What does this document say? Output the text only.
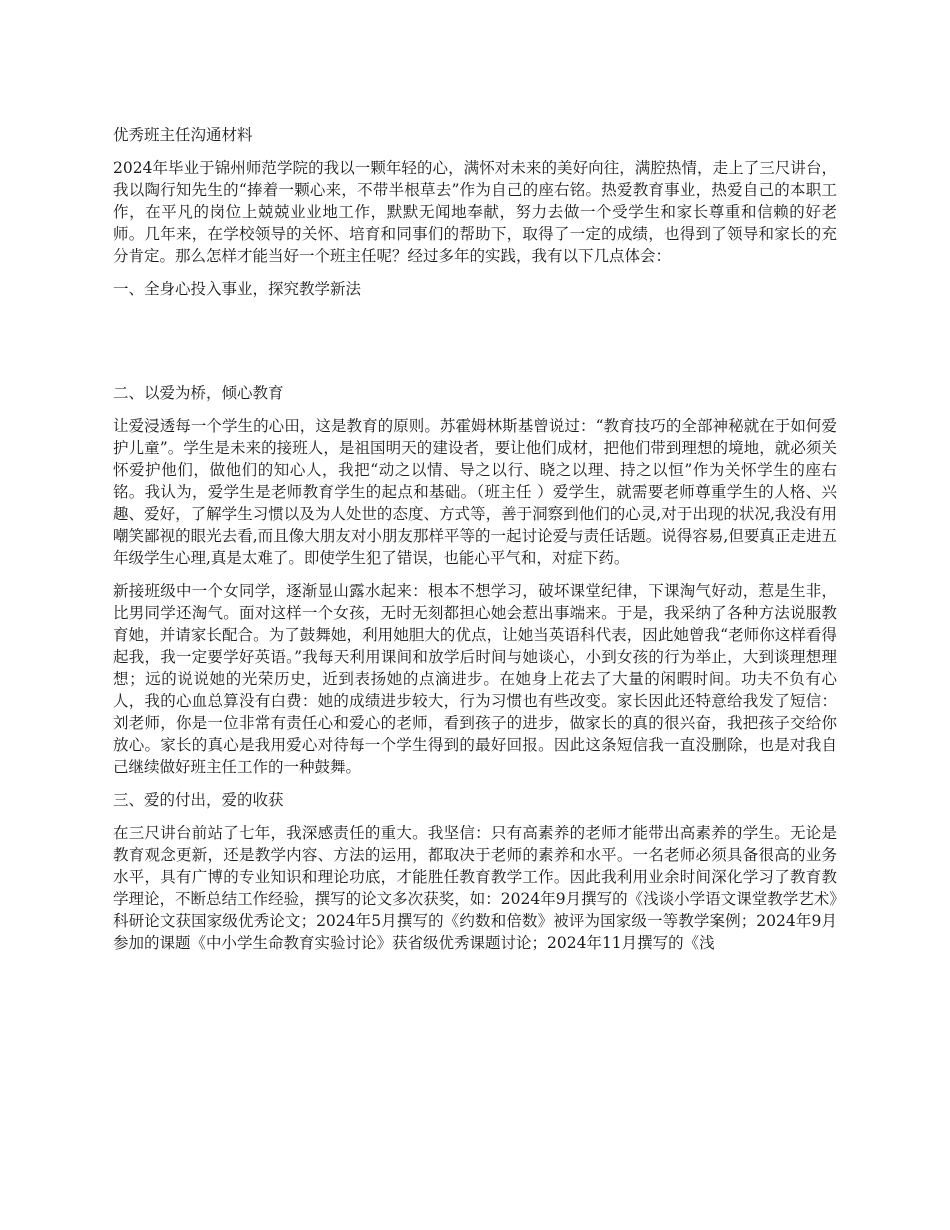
优秀班主任沟通材料

2024年毕业于锦州师范学院的我以一颗年轻的心，满怀对未来的美好向往，满腔热情，走上了三尺讲台，我以陶行知先生的“捧着一颗心来，不带半根草去”作为自己的座右铭。热爱教育事业，热爱自己的本职工作，在平凡的岗位上兢兢业业地工作，默默无闻地奉献，努力去做一个受学生和家长尊重和信赖的好老师。几年来，在学校领导的关怀、培育和同事们的帮助下，取得了一定的成绩，也得到了领导和家长的充分肯定。那么怎样才能当好一个班主任呢？经过多年的实践，我有以下几点体会：

一、全身心投入事业，探究教学新法
二、以爱为桥，倾心教育

让爱浸透每一个学生的心田，这是教育的原则。苏霍姆林斯基曾说过：“教育技巧的全部神秘就在于如何爱护儿童”。学生是未来的接班人，是祖国明天的建设者，要让他们成材，把他们带到理想的境地，就必须关怀爱护他们，做他们的知心人，我把“动之以情、导之以行、晓之以理、持之以恒”作为关怀学生的座右铭。我认为，爱学生是老师教育学生的起点和基础。（班主任 ）爱学生，就需要老师尊重学生的人格、兴趣、爱好，了解学生习惯以及为人处世的态度、方式等，善于洞察到他们的心灵,对于出现的状况,我没有用嘲笑鄙视的眼光去看,而且像大朋友对小朋友那样平等的一起讨论爱与责任话题。说得容易,但要真正走进五年级学生心理,真是太难了。即使学生犯了错误，也能心平气和，对症下药。

新接班级中一个女同学，逐渐显山露水起来：根本不想学习，破坏课堂纪律，下课淘气好动，惹是生非，比男同学还淘气。面对这样一个女孩，无时无刻都担心她会惹出事端来。于是，我采纳了各种方法说服教育她，并请家长配合。为了鼓舞她，利用她胆大的优点，让她当英语科代表，因此她曾我“老师你这样看得起我，我一定要学好英语。”我每天利用课间和放学后时间与她谈心，小到女孩的行为举止，大到谈理想理想；远的说说她的光荣历史，近到表扬她的点滴进步。在她身上花去了大量的闲暇时间。功夫不负有心人，我的心血总算没有白费：她的成绩进步较大，行为习惯也有些改变。家长因此还特意给我发了短信：刘老师，你是一位非常有责任心和爱心的老师，看到孩子的进步，做家长的真的很兴奋，我把孩子交给你放心。家长的真心是我用爱心对待每一个学生得到的最好回报。因此这条短信我一直没删除，也是对我自己继续做好班主任工作的一种鼓舞。

三、爱的付出，爱的收获

在三尺讲台前站了七年，我深感责任的重大。我坚信：只有高素养的老师才能带出高素养的学生。无论是教育观念更新，还是教学内容、方法的运用，都取决于老师的素养和水平。一名老师必须具备很高的业务水平，具有广博的专业知识和理论功底，才能胜任教育教学工作。因此我利用业余时间深化学习了教育教学理论，不断总结工作经验，撰写的论文多次获奖，如：2024年9月撰写的《浅谈小学语文课堂教学艺术》科研论文获国家级优秀论文；2024年5月撰写的《约数和倍数》被评为国家级一等教学案例；2024年9月参加的课题《中小学生命教育实验讨论》获省级优秀课题讨论；2024年11月撰写的《浅
